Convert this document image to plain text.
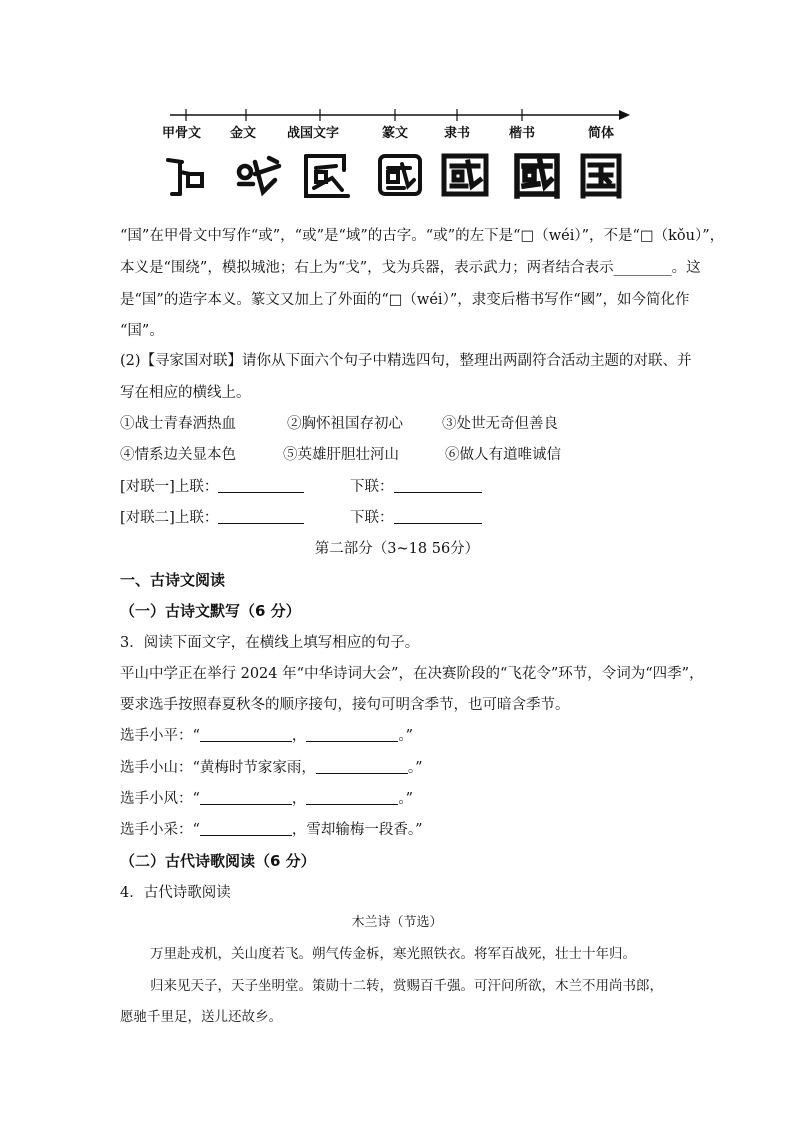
甲骨文 金文 战国文字	篆文	隶书	楷书	简体
“国”在甲骨文中写作“或”，“或”是“域”的古字。“或”的左下是“□（wéi）”，不是“□（kǒu）”，
本义是“围绕”，模拟城池；右上为“戈”，戈为兵器，表示武力；两者结合表示________。这
是“国”的造字本义。篆文又加上了外面的“□（wéi）”，隶变后楷书写作“國”，如今简化作
“国”。
(2)【寻家国对联】请你从下面六个句子中精选四句，整理出两副符合活动主题的对联、并
写在相应的横线上。
①战士青春洒热血	②胸怀祖国存初心	③处世无奇但善良
④情系边关显本色	⑤英雄肝胆壮河山	⑥做人有道唯诚信
[对联一]上联：	下联：
[对联二]上联：	下联：
第二部分（3~18 56分）
一、古诗文阅读
（一）古诗文默写（6 分）
3．阅读下面文字，在横线上填写相应的句子。
平山中学正在举行 2024 年“中华诗词大会”，在决赛阶段的“飞花令”环节，令词为“四季”，
要求选手按照春夏秋冬的顺序接句，接句可明含季节，也可暗含季节。
选手小平：“	，	。”
选手小山：“黄梅时节家家雨，	。”
选手小风：“	，	。”
选手小采：“	，雪却输梅一段香。”
（二）古代诗歌阅读（6 分）
4．古代诗歌阅读
木兰诗（节选）
万里赴戎机，关山度若飞。朔气传金柝，寒光照铁衣。将军百战死，壮士十年归。
归来见天子，天子坐明堂。策勋十二转，赏赐百千强。可汗问所欲，木兰不用尚书郎，
愿驰千里足，送儿还故乡。
